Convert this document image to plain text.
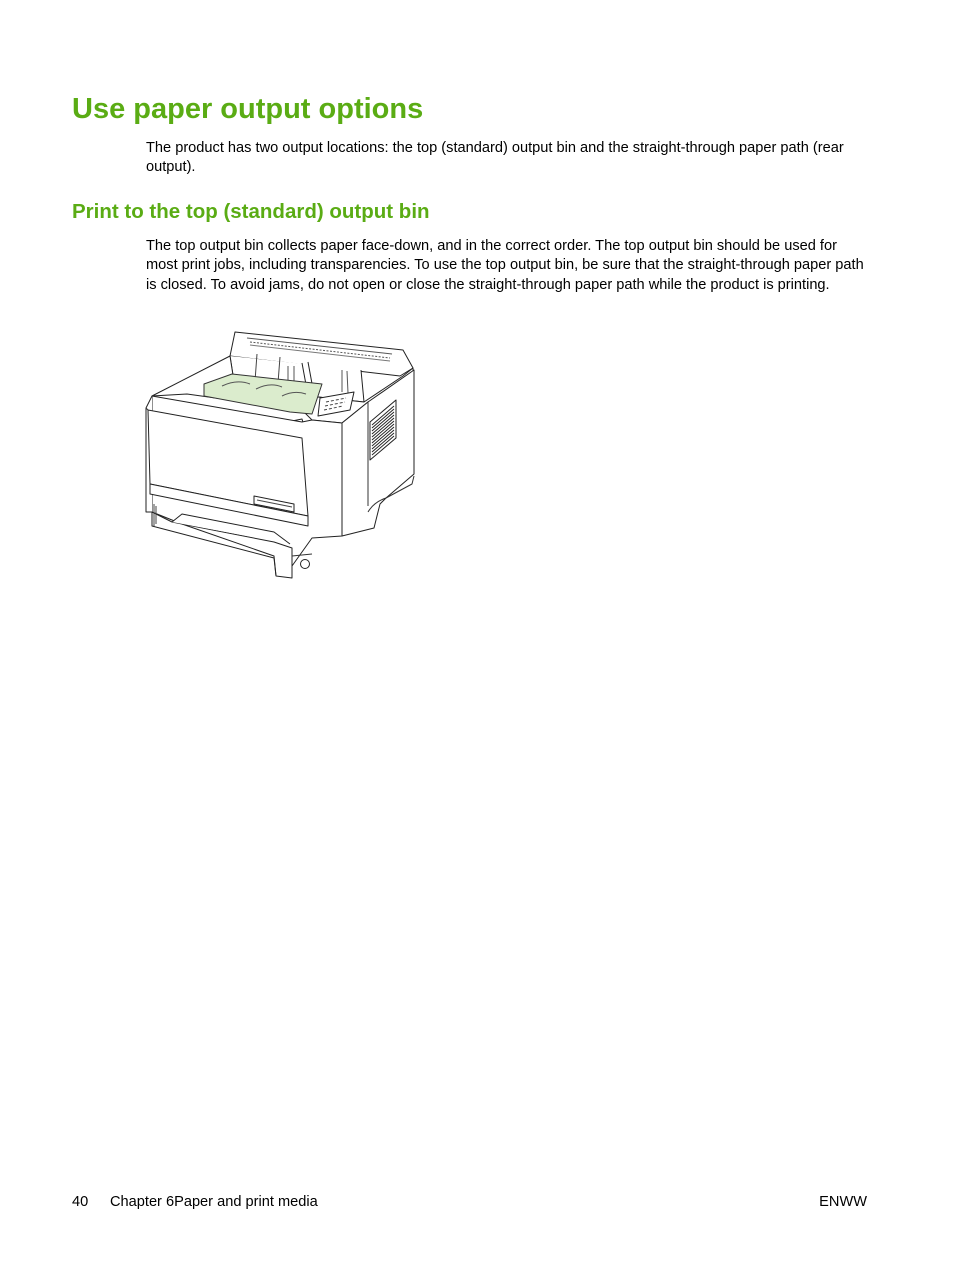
Use paper output options

The product has two output locations: the top (standard) output bin and the straight-through paper path (rear output).

Print to the top (standard) output bin

The top output bin collects paper face-down, and in the correct order. The top output bin should be used for most print jobs, including transparencies. To use the top output bin, be sure that the straight-through paper path is closed. To avoid jams, do not open or close the straight-through paper path while the product is printing.

40 Chapter 6Paper and print media	ENWW
